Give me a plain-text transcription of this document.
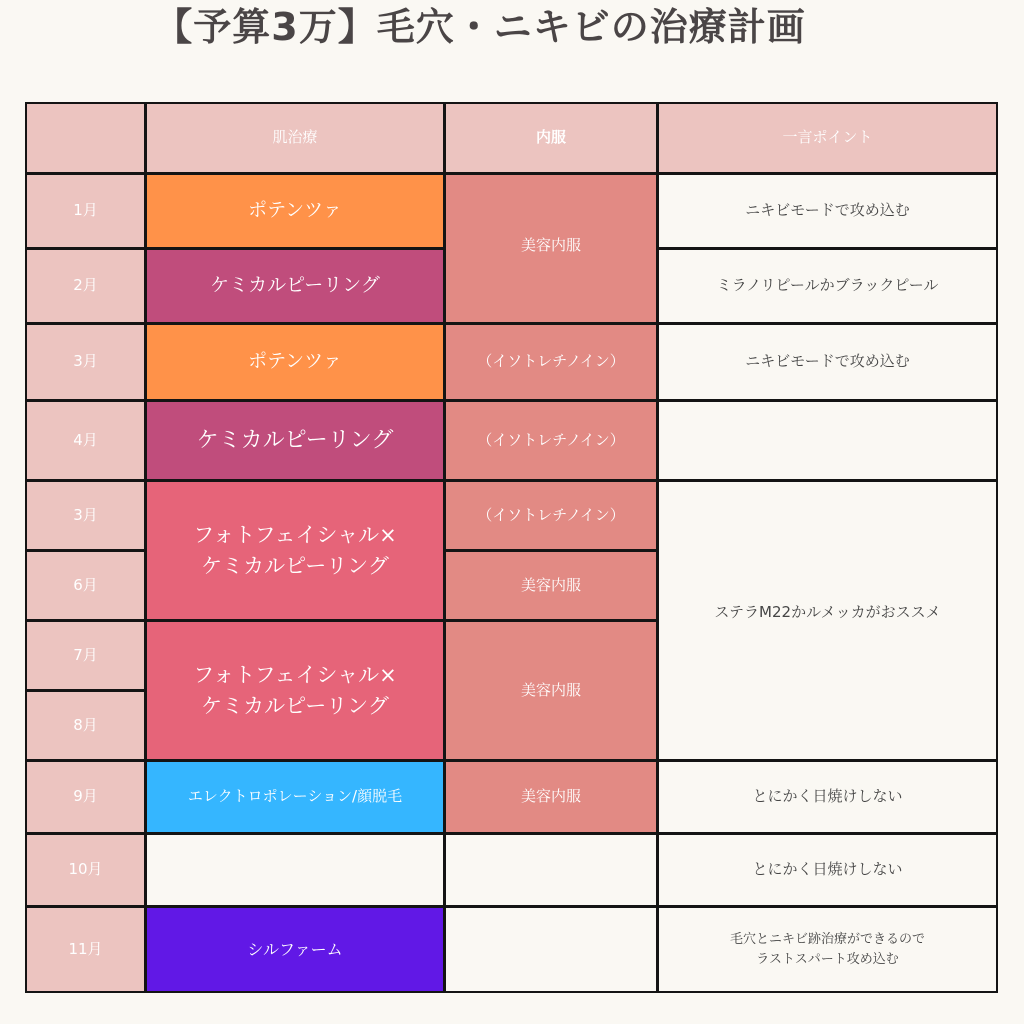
【予算3万】毛穴・ニキビの治療計画
肌治療	内服	一言ポイント
1月
2月
3月
4月
3月
6月
7月
8月
9月
10月
11月
ポテンツァ
ケミカルピーリング
ポテンツァ
ケミカルピーリング
フォトフェイシャル×
ケミカルピーリング
フォトフェイシャル×
ケミカルピーリング
エレクトロポレーション/顔脱毛
シルファーム
美容内服
（イソトレチノイン）
（イソトレチノイン）
（イソトレチノイン）
美容内服
美容内服
美容内服
ニキビモードで攻め込む
ミラノリピールかブラックピール
ニキビモードで攻め込む
ステラM22かルメッカがおススメ
とにかく日焼けしない
とにかく日焼けしない
毛穴とニキビ跡治療ができるので
ラストスパート攻め込む
